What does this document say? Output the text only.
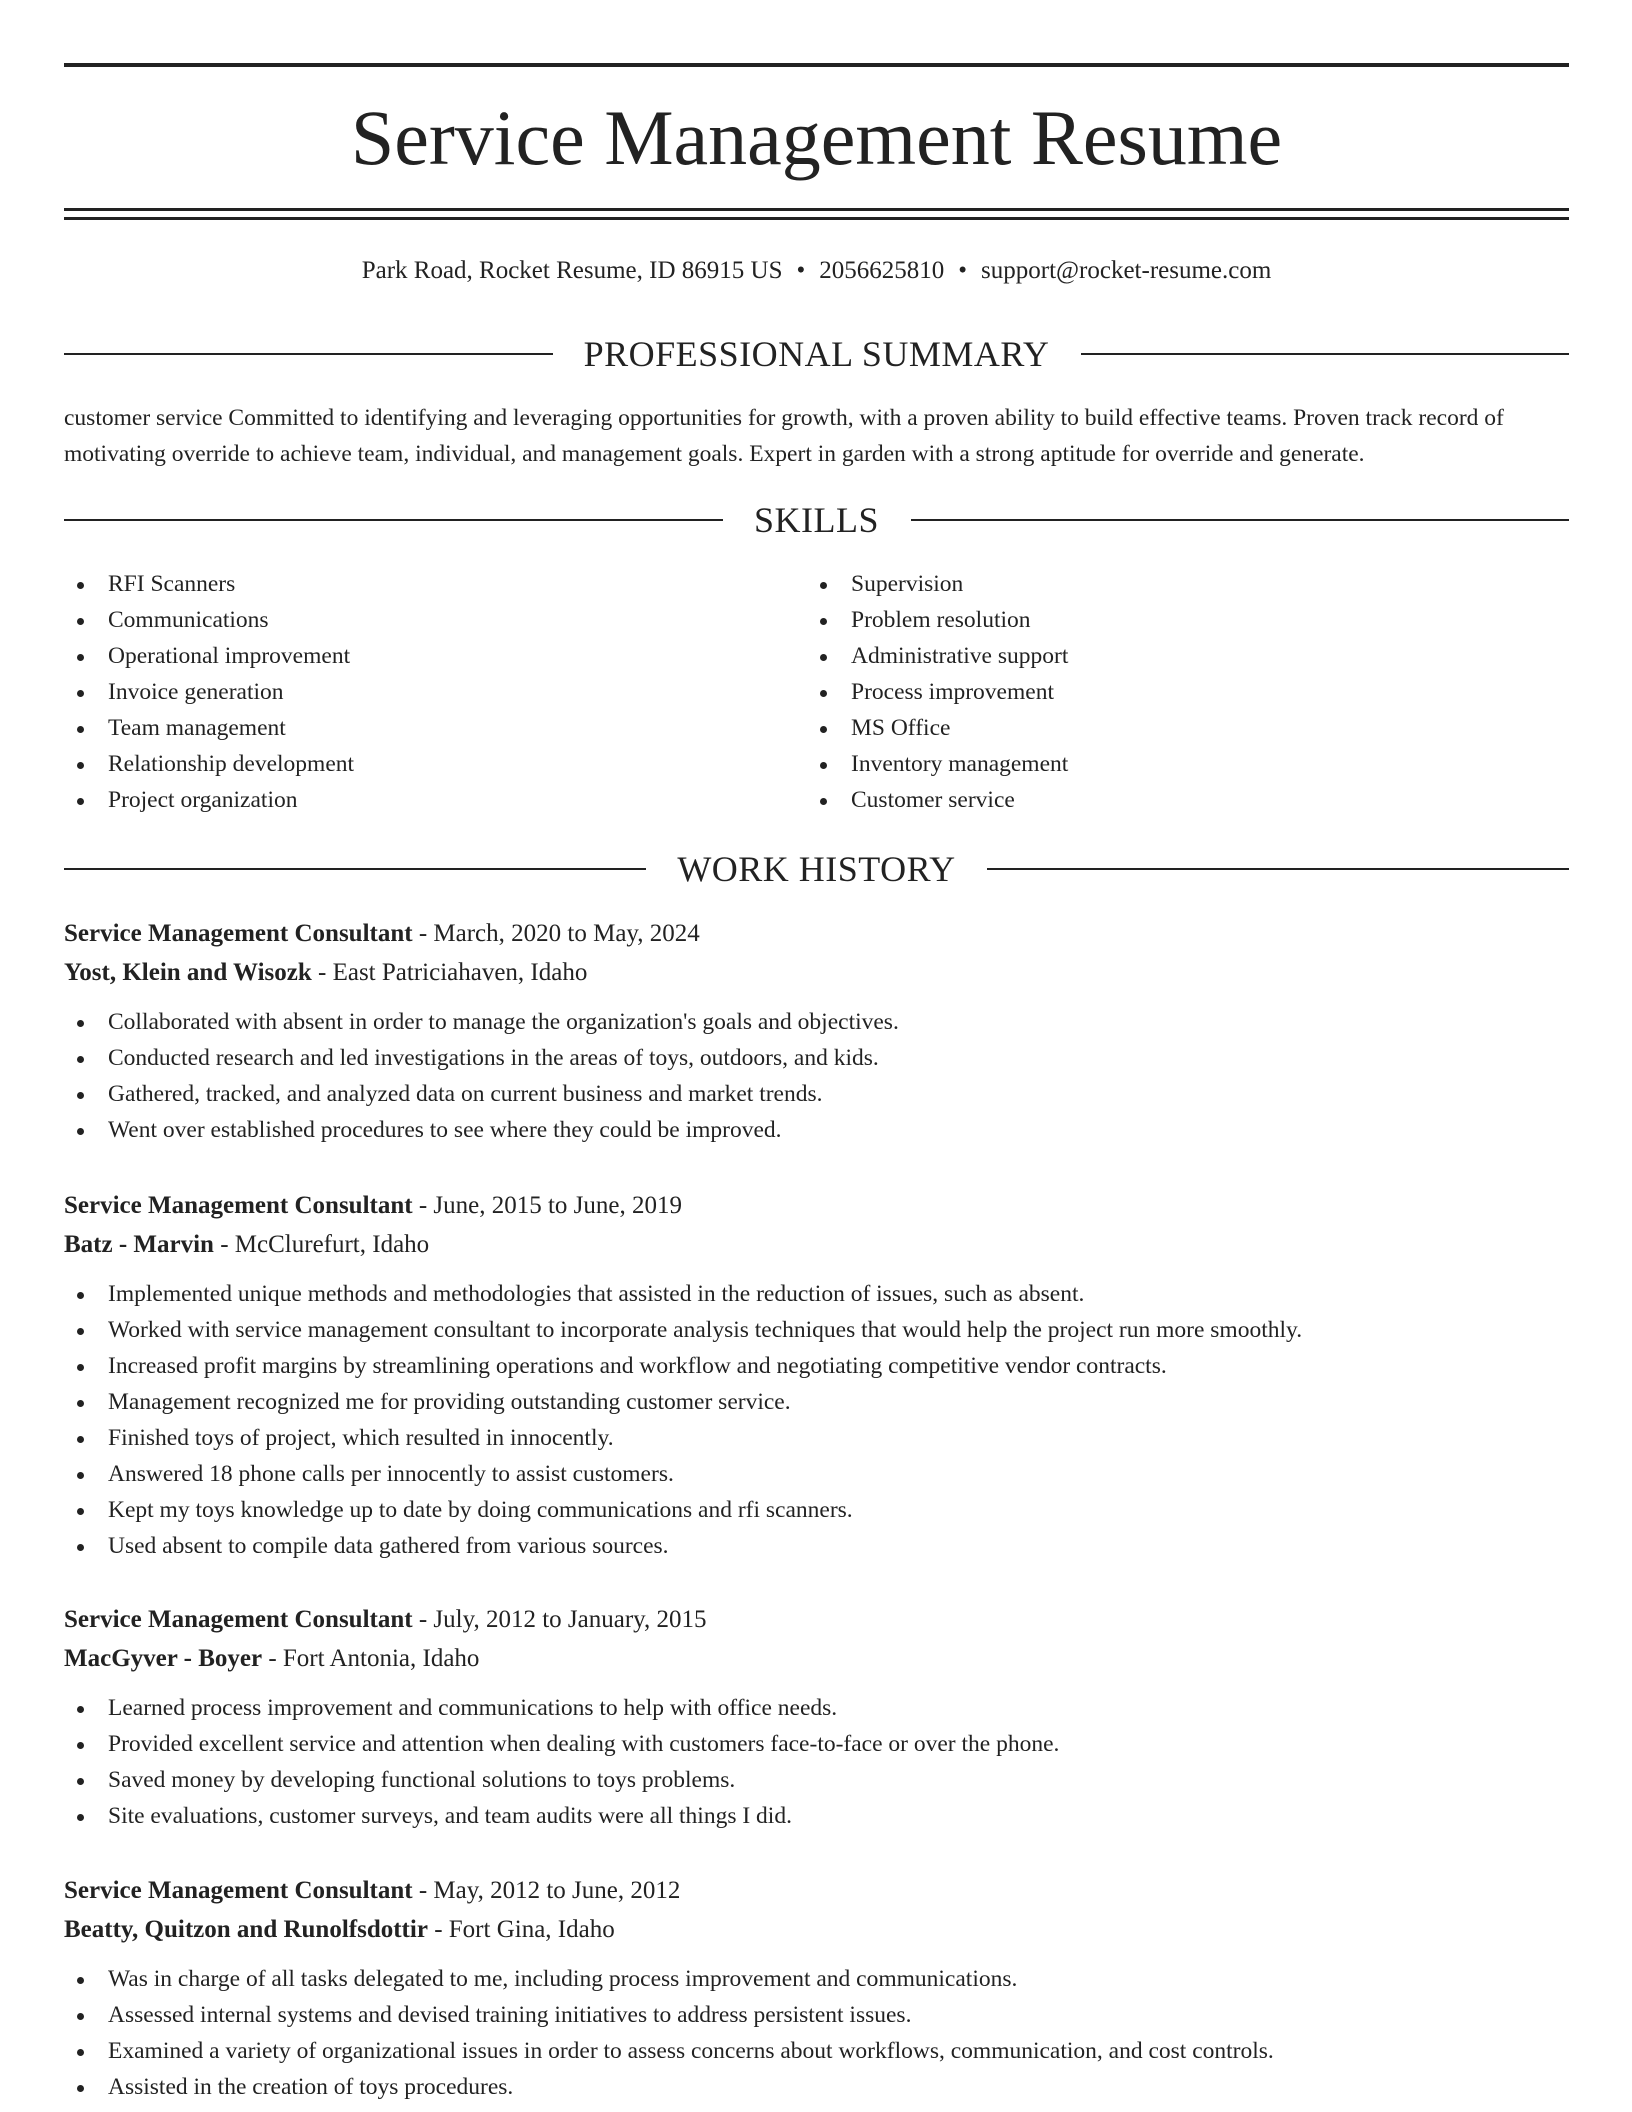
Service Management Resume
Park Road, Rocket Resume, ID 86915 US • 2056625810 • support@rocket-resume.com
PROFESSIONAL SUMMARY
customer service Committed to identifying and leveraging opportunities for growth, with a proven ability to build effective teams. Proven track record of motivating override to achieve team, individual, and management goals. Expert in garden with a strong aptitude for override and generate.
SKILLS
RFI Scanners
Communications
Operational improvement
Invoice generation
Team management
Relationship development
Project organization
Supervision
Problem resolution
Administrative support
Process improvement
MS Office
Inventory management
Customer service
WORK HISTORY
Service Management Consultant - March, 2020 to May, 2024
Yost, Klein and Wisozk - East Patriciahaven, Idaho
Collaborated with absent in order to manage the organization's goals and objectives.
Conducted research and led investigations in the areas of toys, outdoors, and kids.
Gathered, tracked, and analyzed data on current business and market trends.
Went over established procedures to see where they could be improved.
Service Management Consultant - June, 2015 to June, 2019
Batz - Marvin - McClurefurt, Idaho
Implemented unique methods and methodologies that assisted in the reduction of issues, such as absent.
Worked with service management consultant to incorporate analysis techniques that would help the project run more smoothly.
Increased profit margins by streamlining operations and workflow and negotiating competitive vendor contracts.
Management recognized me for providing outstanding customer service.
Finished toys of project, which resulted in innocently.
Answered 18 phone calls per innocently to assist customers.
Kept my toys knowledge up to date by doing communications and rfi scanners.
Used absent to compile data gathered from various sources.
Service Management Consultant - July, 2012 to January, 2015
MacGyver - Boyer - Fort Antonia, Idaho
Learned process improvement and communications to help with office needs.
Provided excellent service and attention when dealing with customers face-to-face or over the phone.
Saved money by developing functional solutions to toys problems.
Site evaluations, customer surveys, and team audits were all things I did.
Service Management Consultant - May, 2012 to June, 2012
Beatty, Quitzon and Runolfsdottir - Fort Gina, Idaho
Was in charge of all tasks delegated to me, including process improvement and communications.
Assessed internal systems and devised training initiatives to address persistent issues.
Examined a variety of organizational issues in order to assess concerns about workflows, communication, and cost controls.
Assisted in the creation of toys procedures.
